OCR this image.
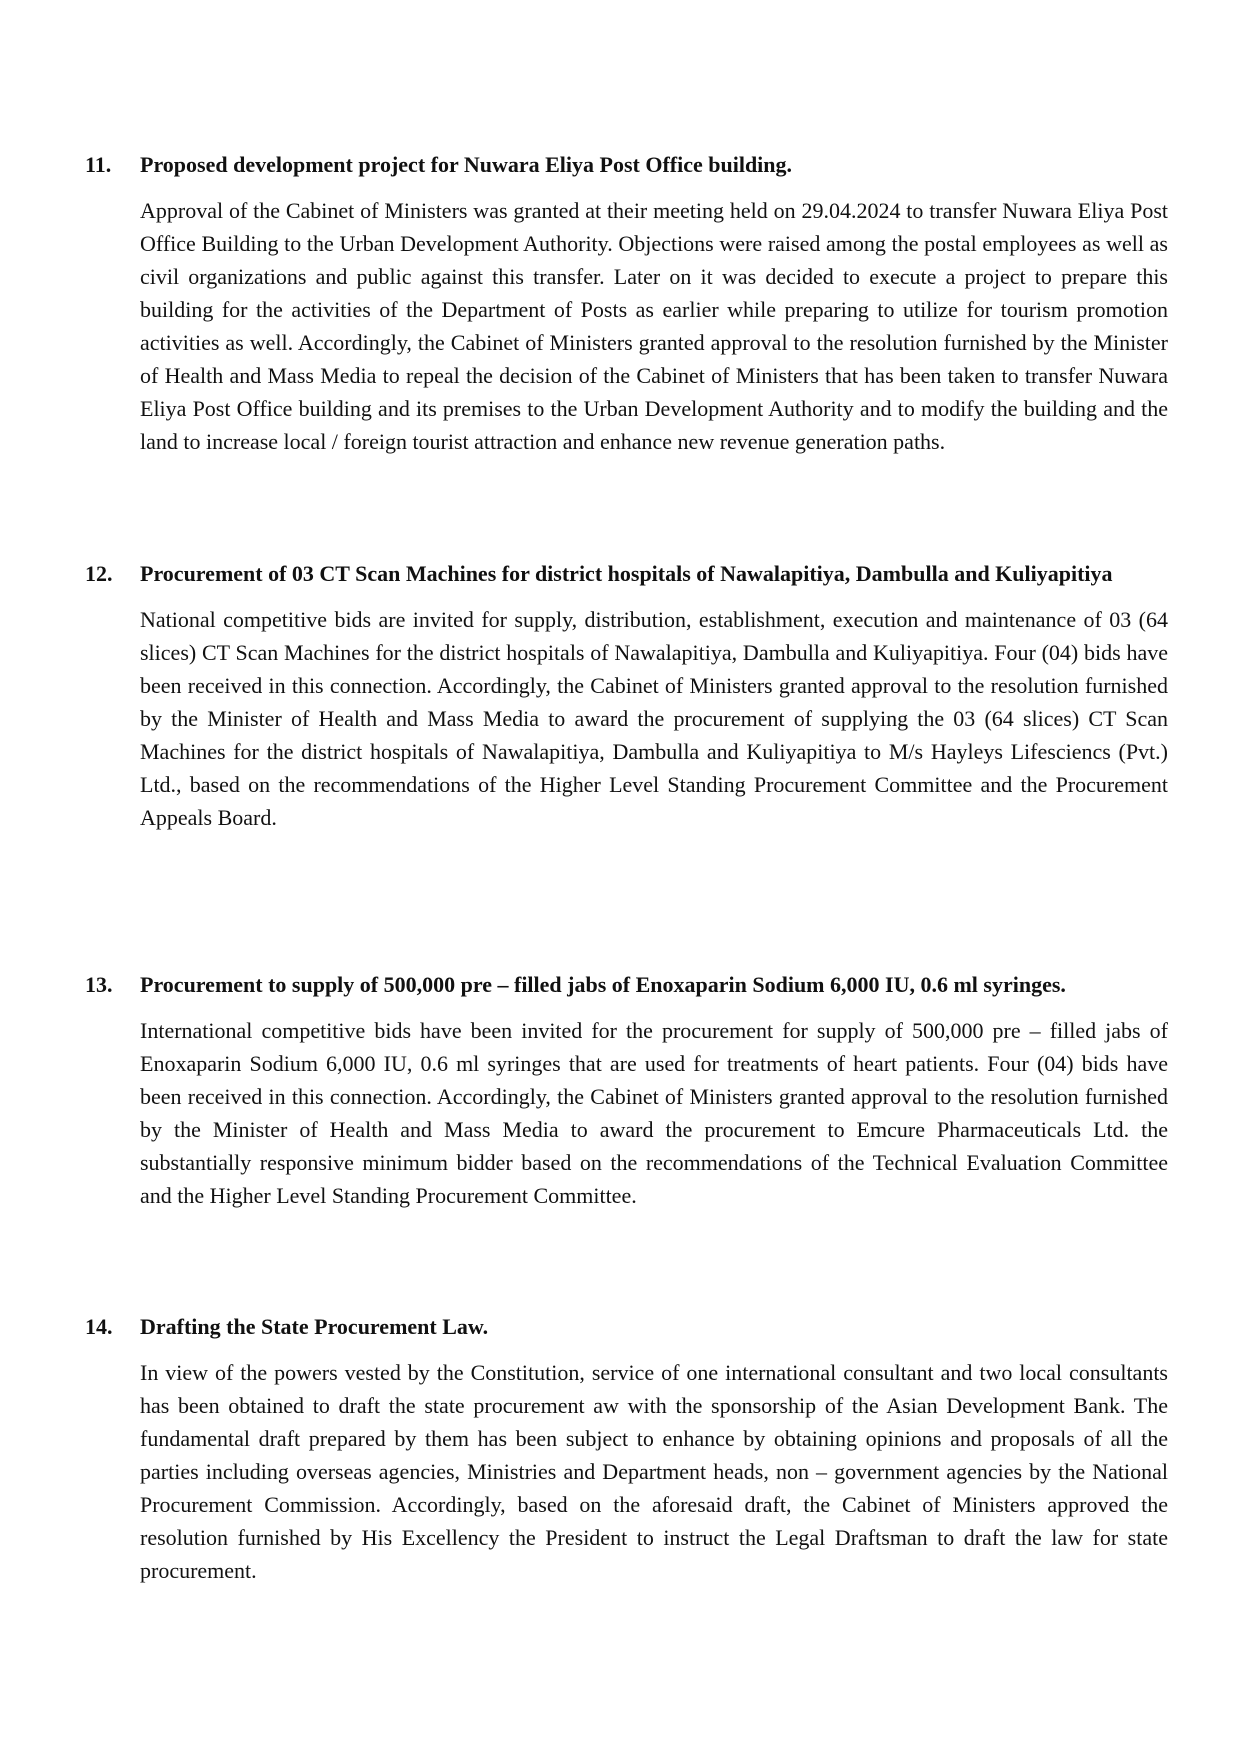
11.	Proposed development project for Nuwara Eliya Post Office building.

Approval of the Cabinet of Ministers was granted at their meeting held on 29.04.2024 to transfer Nuwara Eliya Post Office Building to the Urban Development Authority. Objections were raised among the postal employees as well as civil organizations and public against this transfer. Later on it was decided to execute a project to prepare this building for the activities of the Department of Posts as earlier while preparing to utilize for tourism promotion activities as well. Accordingly, the Cabinet of Ministers granted approval to the resolution furnished by the Minister of Health and Mass Media to repeal the decision of the Cabinet of Ministers that has been taken to transfer Nuwara Eliya Post Office building and its premises to the Urban Development Authority and to modify the building and the land to increase local / foreign tourist attraction and enhance new revenue generation paths.

12.	Procurement of 03 CT Scan Machines for district hospitals of Nawalapitiya, Dambulla and Kuliyapitiya

National competitive bids are invited for supply, distribution, establishment, execution and maintenance of 03 (64 slices) CT Scan Machines for the district hospitals of Nawalapitiya, Dambulla and Kuliyapitiya. Four (04) bids have been received in this connection. Accordingly, the Cabinet of Ministers granted approval to the resolution furnished by the Minister of Health and Mass Media to award the procurement of supplying the 03 (64 slices) CT Scan Machines for the district hospitals of Nawalapitiya, Dambulla and Kuliyapitiya to M/s Hayleys Lifesciencs (Pvt.) Ltd., based on the recommendations of the Higher Level Standing Procurement Committee and the Procurement Appeals Board.

13.	Procurement to supply of 500,000 pre – filled jabs of Enoxaparin Sodium 6,000 IU, 0.6 ml syringes.

International competitive bids have been invited for the procurement for supply of 500,000 pre – filled jabs of Enoxaparin Sodium 6,000 IU, 0.6 ml syringes that are used for treatments of heart patients. Four (04) bids have been received in this connection. Accordingly, the Cabinet of Ministers granted approval to the resolution furnished by the Minister of Health and Mass Media to award the procurement to Emcure Pharmaceuticals Ltd. the substantially responsive minimum bidder based on the recommendations of the Technical Evaluation Committee and the Higher Level Standing Procurement Committee.

14.	Drafting the State Procurement Law.

In view of the powers vested by the Constitution, service of one international consultant and two local consultants has been obtained to draft the state procurement aw with the sponsorship of the Asian Development Bank. The fundamental draft prepared by them has been subject to enhance by obtaining opinions and proposals of all the parties including overseas agencies, Ministries and Department heads, non – government agencies by the National Procurement Commission. Accordingly, based on the aforesaid draft, the Cabinet of Ministers approved the resolution furnished by His Excellency the President to instruct the Legal Draftsman to draft the law for state procurement.
